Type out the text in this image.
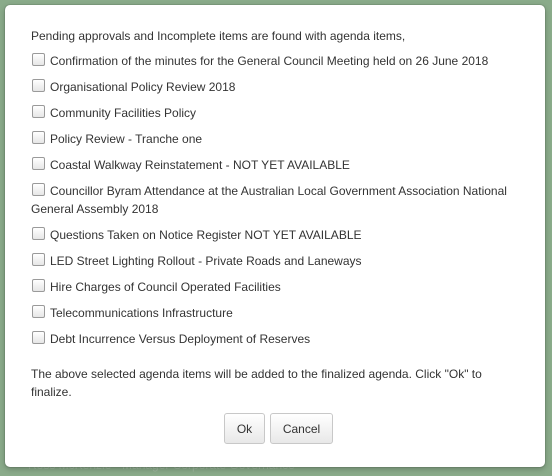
Pending approvals and Incomplete items are found with agenda items,
Confirmation of the minutes for the General Council Meeting held on 26 June 2018
Organisational Policy Review 2018
Community Facilities Policy
Policy Review - Tranche one
Coastal Walkway Reinstatement - NOT YET AVAILABLE
Councillor Byram Attendance at the Australian Local Government Association National General Assembly 2018
Questions Taken on Notice Register NOT YET AVAILABLE
LED Street Lighting Rollout - Private Roads and Laneways
Hire Charges of Council Operated Facilities
Telecommunications Infrastructure
Debt Incurrence Versus Deployment of Reserves
The above selected agenda items will be added to the finalized agenda. Click "Ok" to finalize.
Ok	Cancel
